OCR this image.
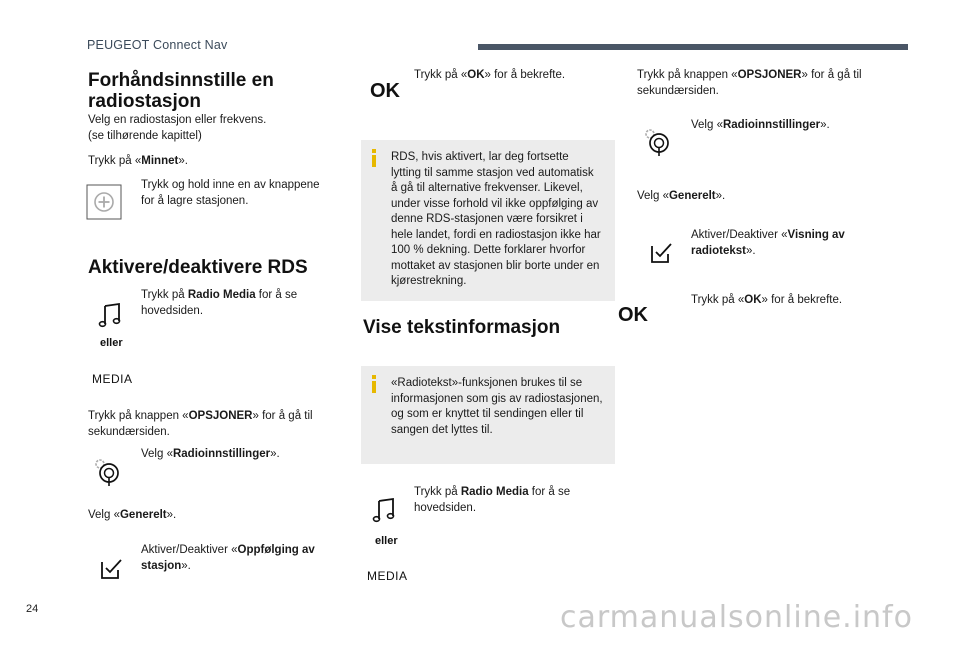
PEUGEOT Connect Nav
Forhåndsinnstille en
radiostasjon

Velg en radiostasjon eller frekvens.
(se tilhørende kapittel)

Trykk på «Minnet».

Trykk og hold inne en av knappene
for å lagre stasjonen.

Aktivere/deaktivere RDS
eller
MEDIA

Trykk på Radio Media for å se
hovedsiden.

Trykk på knappen «OPSJONER» for å gå til
sekundærsiden.

Velg «Radioinnstillinger».

Velg «Generelt».

Aktiver/Deaktiver «Oppfølging av
stasjon».

OK

Trykk på «OK» for å bekrefte.

RDS, hvis aktivert, lar deg fortsette

lytting til samme stasjon ved automatisk

å gå til alternative frekvenser. Likevel,

under visse forhold vil ikke oppfølging av

denne RDS-stasjonen være forsikret i

hele landet, fordi en radiostasjon ikke har

100 % dekning. Dette forklarer hvorfor

mottaket av stasjonen blir borte under en

kjørestrekning.

Vise tekstinformasjon

«Radiotekst»-funksjonen brukes til se

informasjonen som gis av radiostasjonen,

og som er knyttet til sendingen eller til

sangen det lyttes til.

eller
MEDIA

Trykk på Radio Media for å se
hovedsiden.

Trykk på knappen «OPSJONER» for å gå til
sekundærsiden.

Velg «Radioinnstillinger».

Velg «Generelt».

Aktiver/Deaktiver «Visning av
radiotekst».

OK

Trykk på «OK» for å bekrefte.

24	carmanualsonline.info
